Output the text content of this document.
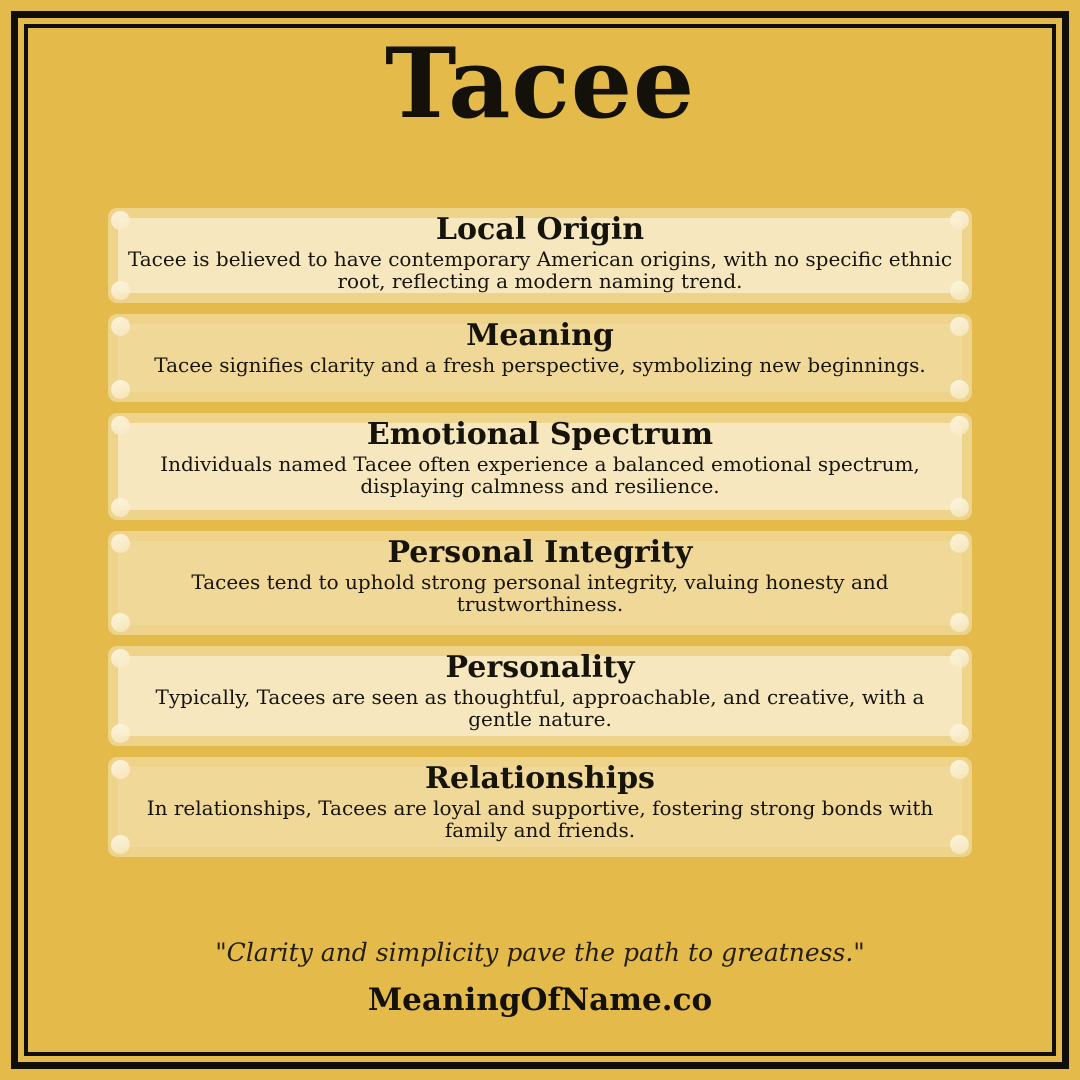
Tacee
Local Origin

Tacee is believed to have contemporary American origins, with no specific ethnic root, reflecting a modern naming trend.

Meaning

Tacee signifies clarity and a fresh perspective, symbolizing new beginnings.

Emotional Spectrum

Individuals named Tacee often experience a balanced emotional spectrum, displaying calmness and resilience.

Personal Integrity

Tacees tend to uphold strong personal integrity, valuing honesty and trustworthiness.

Personality

Typically, Tacees are seen as thoughtful, approachable, and creative, with a gentle nature.

Relationships

In relationships, Tacees are loyal and supportive, fostering strong bonds with family and friends.

"Clarity and simplicity pave the path to greatness."
MeaningOfName.co
